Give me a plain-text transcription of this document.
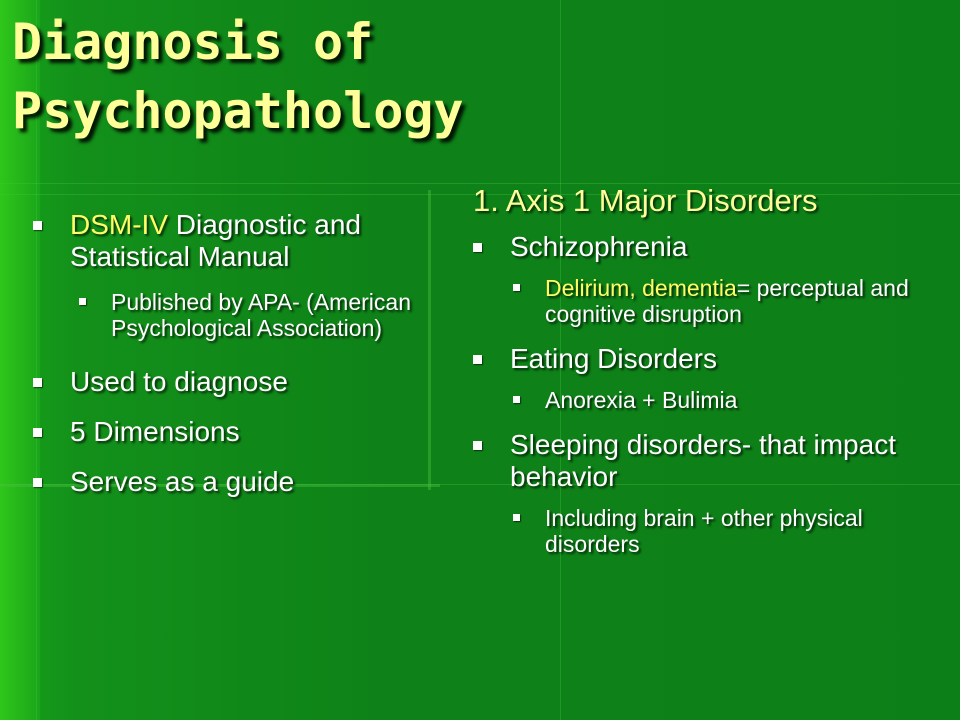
Diagnosis of
Psychopathology
DSM-IV Diagnostic and Statistical Manual
Published by APA- (American Psychological Association)
Used to diagnose
5 Dimensions
Serves as a guide
1. Axis 1 Major Disorders
Schizophrenia
Delirium, dementia= perceptual and cognitive disruption
Eating Disorders
Anorexia + Bulimia
Sleeping disorders- that impact behavior
Including brain + other physical disorders
